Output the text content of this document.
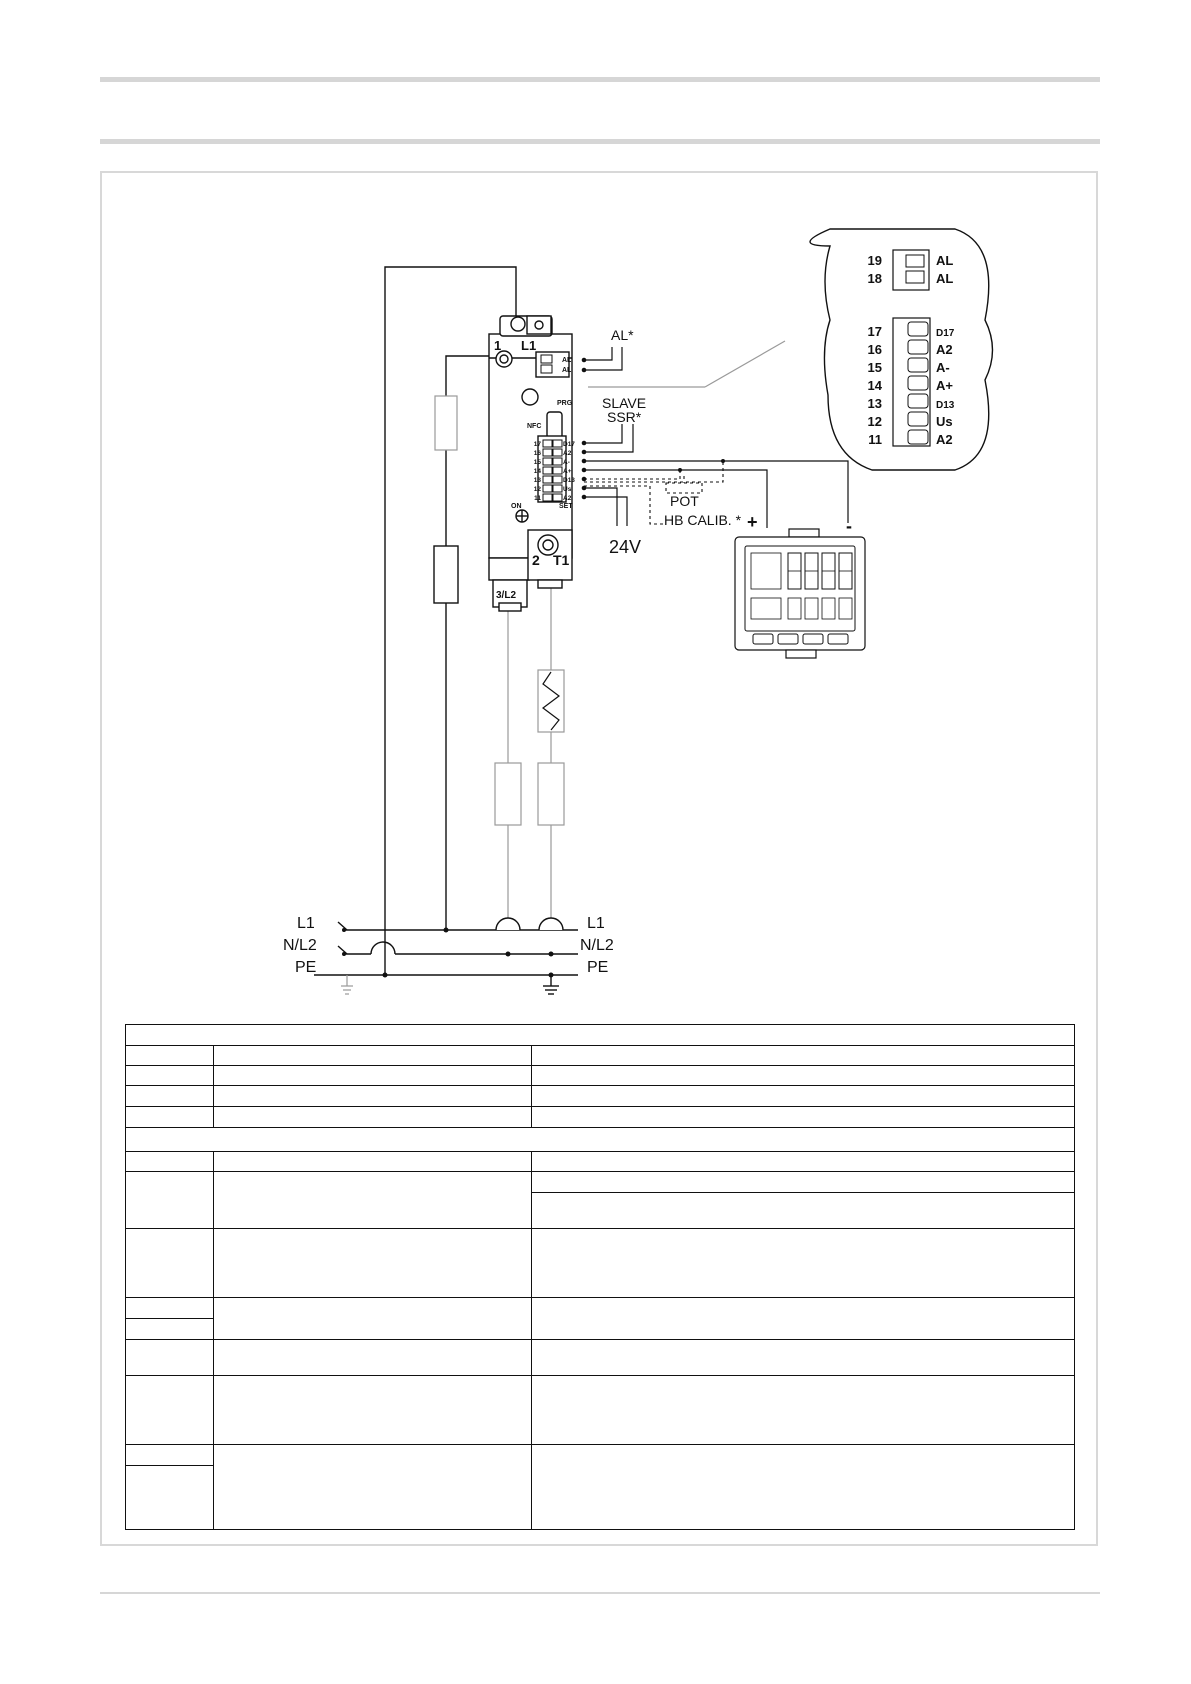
1 L1
AL
AL
PRG
NFC
ON	SET
2 T1
3/L2
17
16
15
14
13
12
11
D17
A2
A-
A+
D13
Us
A2
AL*
SLAVE
SSR*
POT
HB CALIB. *
24V
+	-
19
18
17
16
15
14
13
12
11
AL
AL
D17
A2
A-
A+
D13
Us
A2
L1
N/L2
PE
L1
N/L2
PE
